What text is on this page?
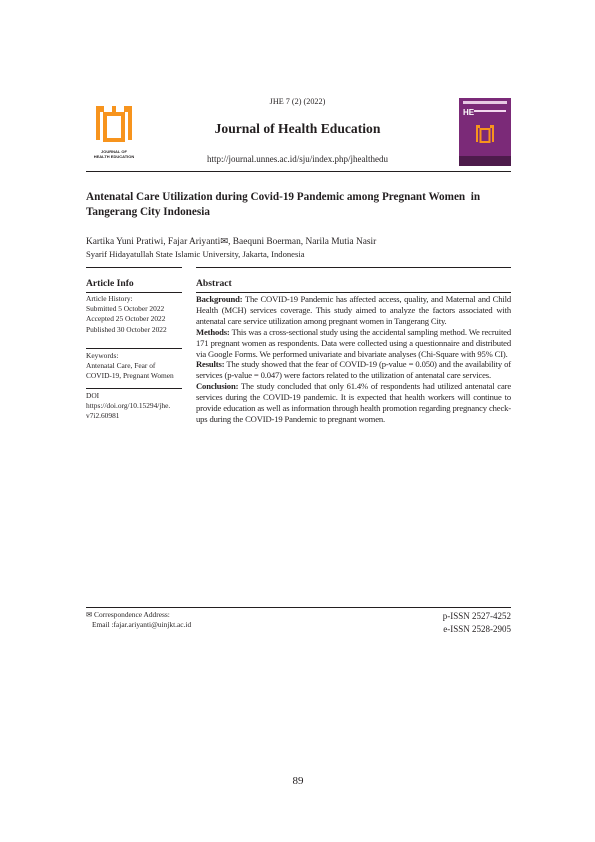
JOURNAL OF
HEALTH EDUCATION
JHE 7 (2) (2022)
Journal of Health Education
http://journal.unnes.ac.id/sju/index.php/jhealthedu
HE
Antenatal Care Utilization during Covid-19 Pandemic among Pregnant Women  in
Tangerang City Indonesia
Kartika Yuni Pratiwi, Fajar Ariyanti✉, Baequni Boerman, Narila Mutia Nasir
Syarif Hidayatullah State Islamic University, Jakarta, Indonesia
Article Info
Article History:
Submitted 5 October 2022
Accepted 25 October 2022
Published 30 October 2022
Keywords:
Antenatal Care, Fear of
COVID-19, Pregnant Women
DOI
https://doi.org/10.15294/jhe.
v7i2.60981
Abstract
Background: The COVID-19 Pandemic has affected access, quality, and Maternal and Child Health (MCH) services coverage. This study aimed to analyze the factors associated with antenatal care service utilization among pregnant women in Tangerang City.
Methods: This was a cross-sectional study using the accidental sampling method. We recruited 171 pregnant women as respondents. Data were collected using a questionnaire and distributed via Google Forms. We performed univariate and bivariate analyses (Chi-Square with 95% CI).
Results: The study showed that the fear of COVID-19 (p-value = 0.050) and the availability of services (p-value = 0.047) were factors related to the utilization of antenatal care services.
Conclusion: The study concluded that only 61.4% of respondents had utilized antenatal care services during the COVID-19 pandemic. It is expected that health workers will continue to provide education as well as information through health promotion regarding pregnancy check-ups during the COVID-19 Pandemic to pregnant women.
✉ Correspondence Address:
Email :fajar.ariyanti@uinjkt.ac.id
p-ISSN 2527-4252
e-ISSN 2528-2905
89
